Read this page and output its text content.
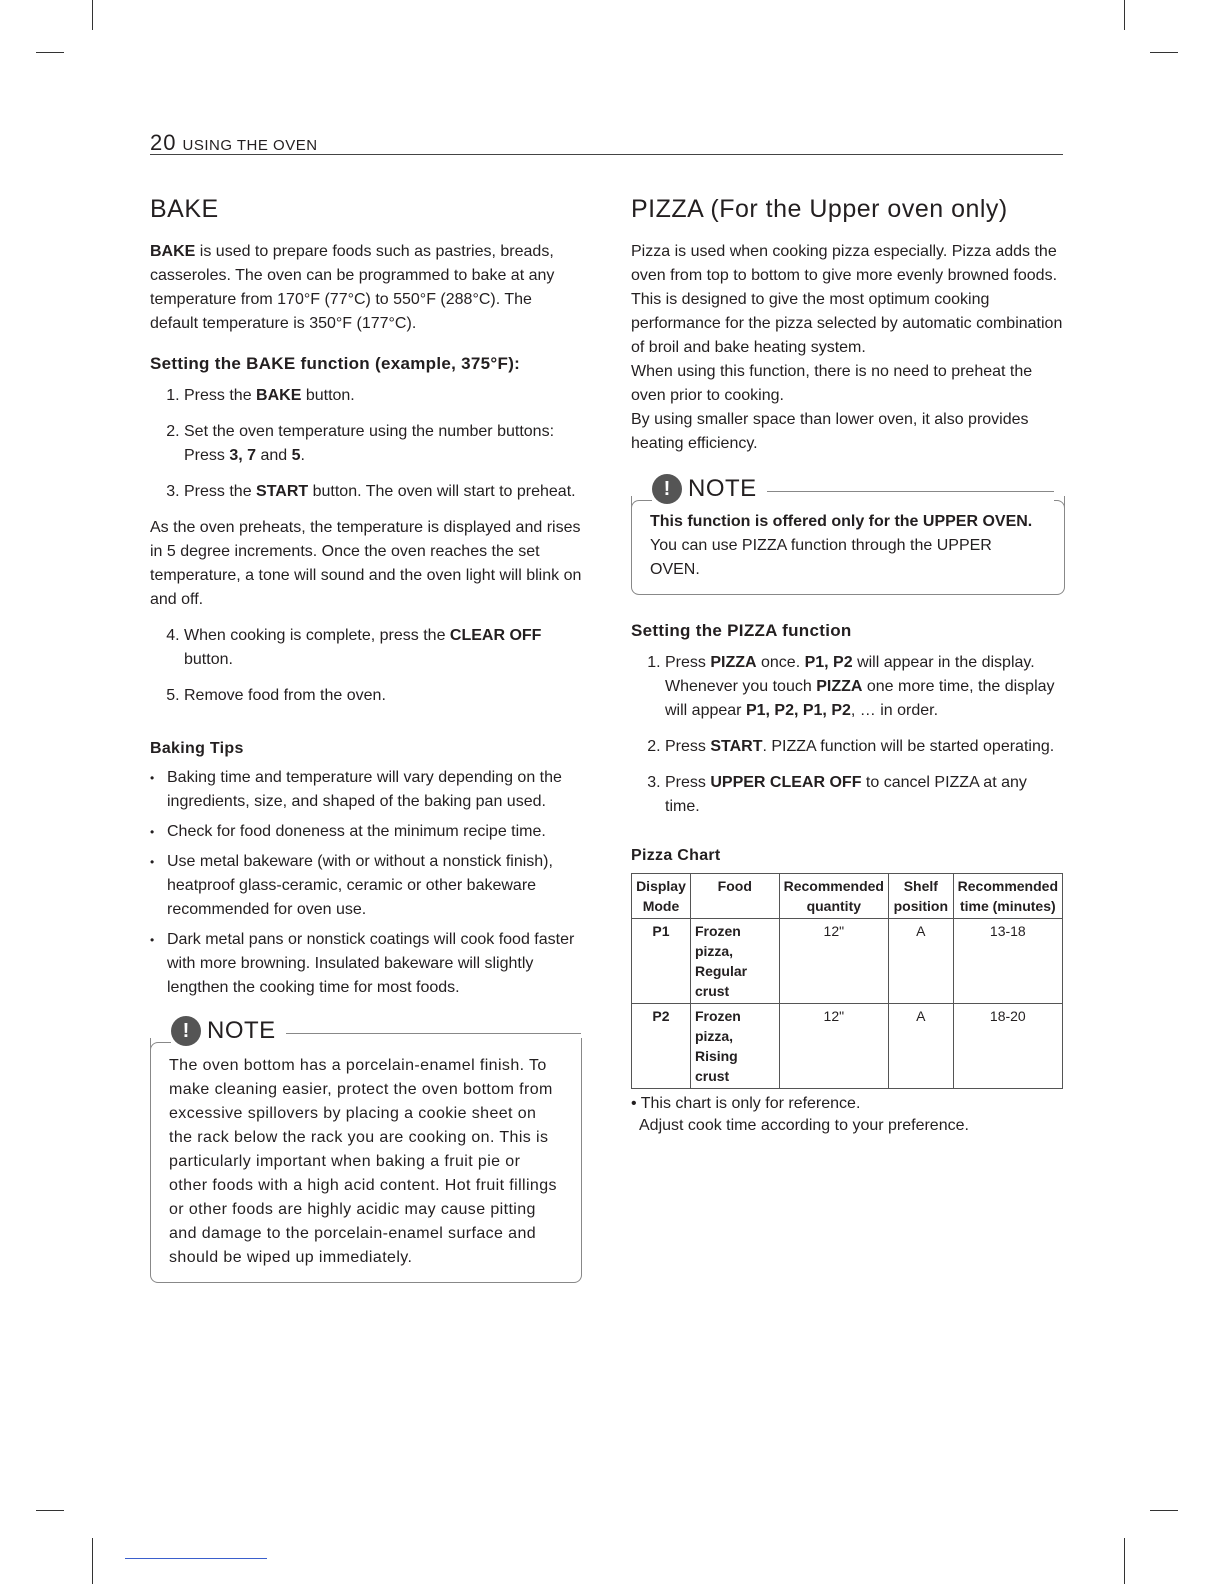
20 USING THE OVEN
BAKE

BAKE is used to prepare foods such as pastries, breads, casseroles. The oven can be programmed to bake at any temperature from 170°F (77°C) to 550°F (288°C). The default temperature is 350°F (177°C).

Setting the BAKE function (example, 375°F):
1. Press the BAKE button.
2. Set the oven temperature using the number buttons: Press 3, 7 and 5.
3. Press the START button. The oven will start to preheat.

As the oven preheats, the temperature is displayed and rises in 5 degree increments. Once the oven reaches the set temperature, a tone will sound and the oven light will blink on and off.

4. When cooking is complete, press the CLEAR OFF button.
5. Remove food from the oven.
Baking Tips
• Baking time and temperature will vary depending on the ingredients, size, and shaped of the baking pan used.
• Check for food doneness at the minimum recipe time.
• Use metal bakeware (with or without a nonstick finish), heatproof glass-ceramic, ceramic or other bakeware recommended for oven use.
• Dark metal pans or nonstick coatings will cook food faster with more browning. Insulated bakeware will slightly lengthen the cooking time for most foods.
! NOTE

The oven bottom has a porcelain-enamel finish. To make cleaning easier, protect the oven bottom from excessive spillovers by placing a cookie sheet on the rack below the rack you are cooking on. This is particularly important when baking a fruit pie or other foods with a high acid content. Hot fruit fillings or other foods are highly acidic may cause pitting and damage to the porcelain-enamel surface and should be wiped up immediately.

PIZZA (For the Upper oven only)

Pizza is used when cooking pizza especially. Pizza adds the oven from top to bottom to give more evenly browned foods.

This is designed to give the most optimum cooking performance for the pizza selected by automatic combination of broil and bake heating system.

When using this function, there is no need to preheat the oven prior to cooking.

By using smaller space than lower oven, it also provides heating efficiency.

! NOTE

This function is offered only for the UPPER OVEN.

You can use PIZZA function through the UPPER OVEN.

Setting the PIZZA function
1. Press PIZZA once. P1, P2 will appear in the display. Whenever you touch PIZZA one more time, the display will appear P1, P2, P1, P2, … in order.
2. Press START. PIZZA function will be started operating.
3. Press UPPER CLEAR OFF to cancel PIZZA at any time.
Pizza Chart
Display Mode	Food	Recommended quantity	Shelf position	Recommended time (minutes)
P1	Frozen pizza, Regular crust	12"	A	13-18
P2	Frozen pizza, Rising crust	12"	A	18-20

• This chart is only for reference.

Adjust cook time according to your preference.
